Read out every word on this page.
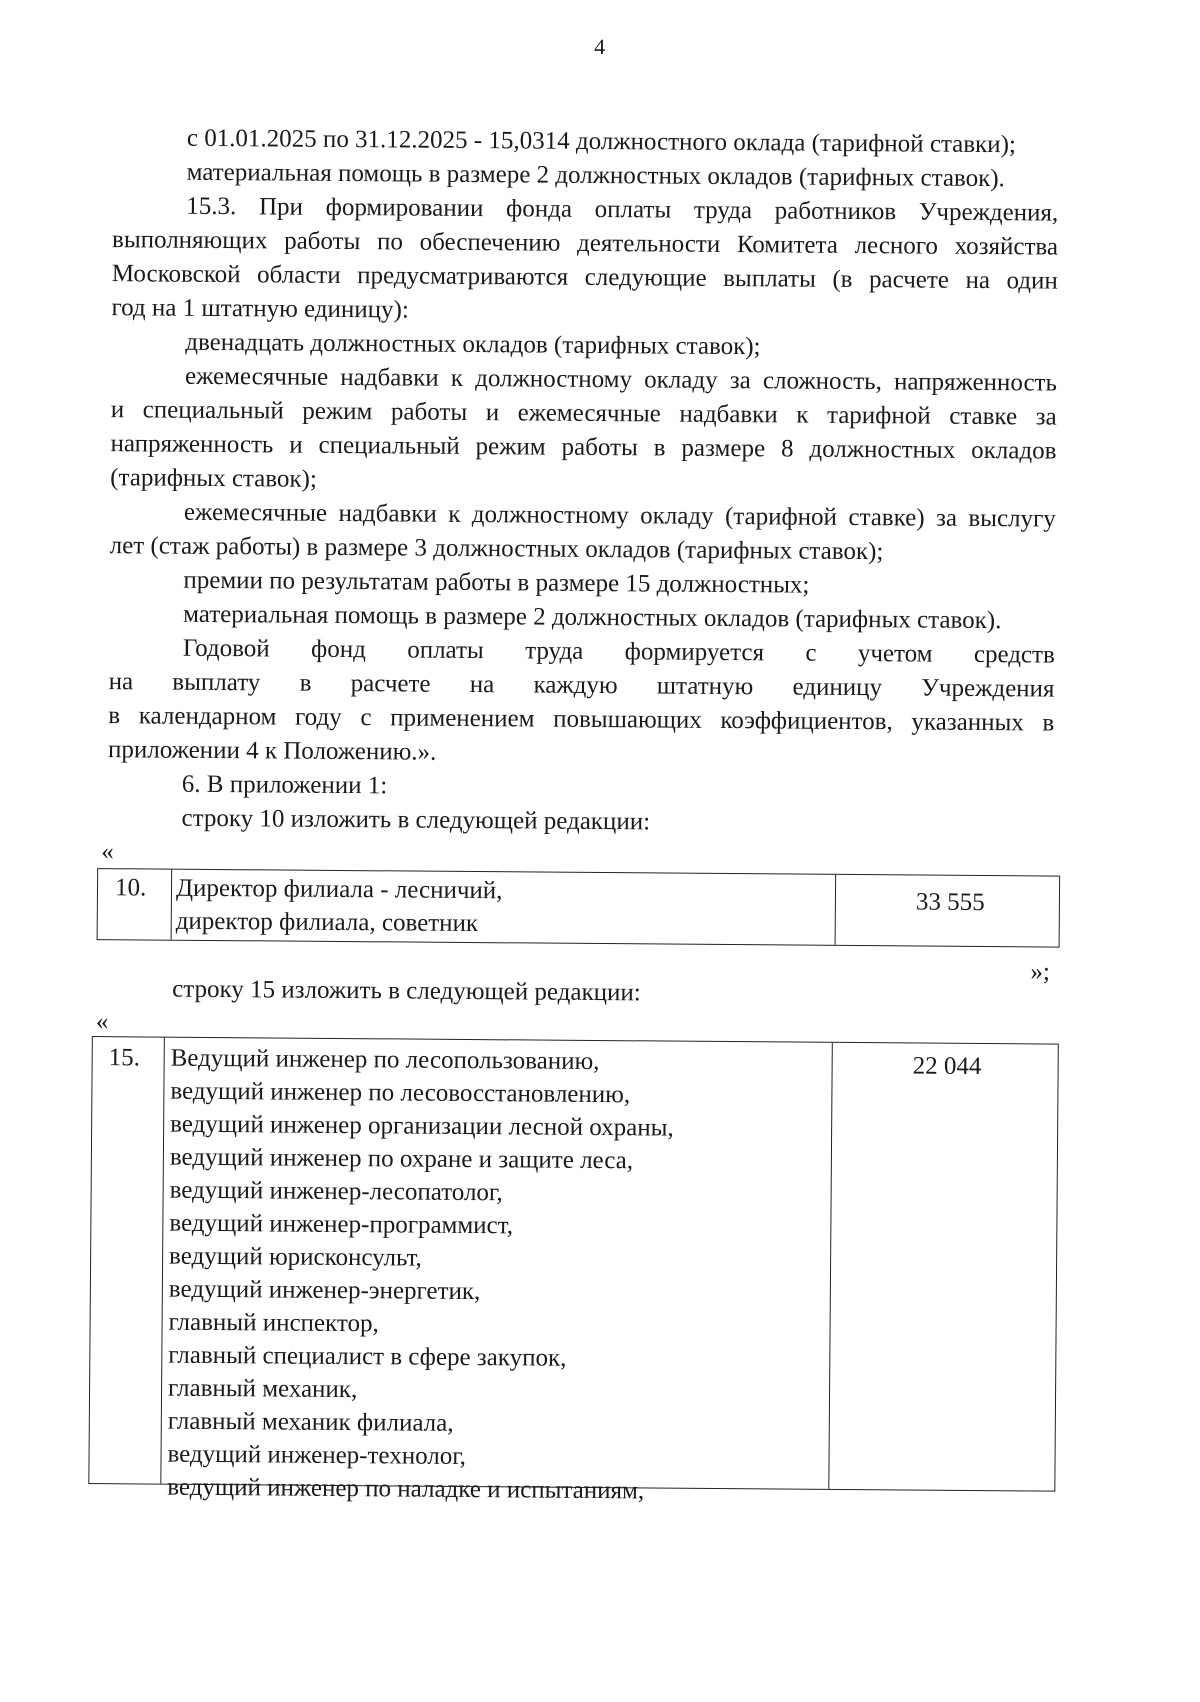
4
с 01.01.2025 по 31.12.2025 - 15,0314 должностного оклада (тарифной ставки);
материальная помощь в размере 2 должностных окладов (тарифных ставок).
15.3. При формировании фонда оплаты труда работников Учреждения,
выполняющих работы по обеспечению деятельности Комитета лесного хозяйства
Московской области предусматриваются следующие выплаты (в расчете на один
год на 1 штатную единицу):
двенадцать должностных окладов (тарифных ставок);
ежемесячные надбавки к должностному окладу за сложность, напряженность
и специальный режим работы и ежемесячные надбавки к тарифной ставке за
напряженность и специальный режим работы в размере 8 должностных окладов
(тарифных ставок);
ежемесячные надбавки к должностному окладу (тарифной ставке) за выслугу
лет (стаж работы) в размере 3 должностных окладов (тарифных ставок);
премии по результатам работы в размере 15 должностных;
материальная помощь в размере 2 должностных окладов (тарифных ставок).
Годовой фонд оплаты труда формируется с учетом средств
на выплату в расчете на каждую штатную единицу Учреждения
в календарном году с применением повышающих коэффициентов, указанных в
приложении 4 к Положению.».
6. В приложении 1:
строку 10 изложить в следующей редакции:
«
10. Директор филиала - лесничий,
директор филиала, советник
33 555
»;
строку 15 изложить в следующей редакции:
«
15. Ведущий инженер по лесопользованию,
ведущий инженер по лесовосстановлению,
ведущий инженер организации лесной охраны,
ведущий инженер по охране и защите леса,
ведущий инженер-лесопатолог,
ведущий инженер-программист,
ведущий юрисконсульт,
ведущий инженер-энергетик,
главный инспектор,
главный специалист в сфере закупок,
главный механик,
главный механик филиала,
ведущий инженер-технолог,
ведущий инженер по наладке и испытаниям,
22 044
